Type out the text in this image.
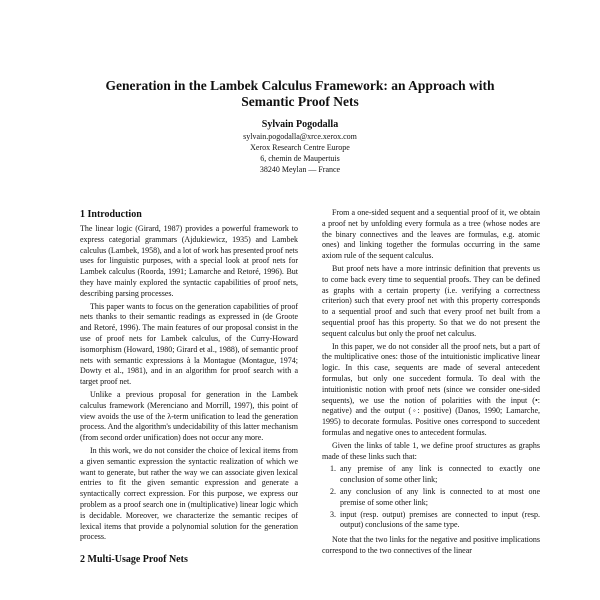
Generation in the Lambek Calculus Framework: an Approach with Semantic Proof Nets
Sylvain Pogodalla
sylvain.pogodalla@xrce.xerox.com
Xerox Research Centre Europe
6, chemin de Maupertuis
38240 Meylan — France
1 Introduction

The linear logic (Girard, 1987) provides a powerful framework to express categorial grammars (Ajdukiewicz, 1935) and Lambek calculus (Lambek, 1958), and a lot of work has presented proof nets uses for linguistic purposes, with a special look at proof nets for Lambek calculus (Roorda, 1991; Lamarche and Retoré, 1996). But they have mainly explored the syntactic capabilities of proof nets, describing parsing processes.

This paper wants to focus on the generation capabilities of proof nets thanks to their semantic readings as expressed in (de Groote and Retoré, 1996). The main features of our proposal consist in the use of proof nets for Lambek calculus, of the Curry-Howard isomorphism (Howard, 1980; Girard et al., 1988), of semantic proof nets with semantic expressions à la Montague (Montague, 1974; Dowty et al., 1981), and in an algorithm for proof search with a target proof net.

Unlike a previous proposal for generation in the Lambek calculus framework (Merenciano and Morrill, 1997), this point of view avoids the use of the λ-term unification to lead the generation process. And the algorithm's undecidability of this latter mechanism (from second order unification) does not occur any more.

In this work, we do not consider the choice of lexical items from a given semantic expression the syntactic realization of which we want to generate, but rather the way we can associate given lexical entries to fit the given semantic expression and generate a syntactically correct expression. For this purpose, we express our problem as a proof search one in (multiplicative) linear logic which is decidable. Moreover, we characterize the semantic recipes of lexical items that provide a polynomial solution for the generation process.

2 Multi-Usage Proof Nets

From a one-sided sequent and a sequential proof of it, we obtain a proof net by unfolding every formula as a tree (whose nodes are the binary connectives and the leaves are formulas, e.g. atomic ones) and linking together the formulas occurring in the same axiom rule of the sequent calculus.

But proof nets have a more intrinsic definition that prevents us to come back every time to sequential proofs. They can be defined as graphs with a certain property (i.e. verifying a correctness criterion) such that every proof net with this property corresponds to a sequential proof and such that every proof net built from a sequential proof has this property. So that we do not present the sequent calculus but only the proof net calculus.

In this paper, we do not consider all the proof nets, but a part of the multiplicative ones: those of the intuitionistic implicative linear logic. In this case, sequents are made of several antecedent formulas, but only one succedent formula. To deal with the intuitionistic notion with proof nets (since we consider one-sided sequents), we use the notion of polarities with the input (•: negative) and the output (◦: positive) (Danos, 1990; Lamarche, 1995) to decorate formulas. Positive ones correspond to succedent formulas and negative ones to antecedent formulas.

Given the links of table 1, we define proof structures as graphs made of these links such that:

1. any premise of any link is connected to exactly one conclusion of some other link;
2. any conclusion of any link is connected to at most one premise of some other link;
3. input (resp. output) premises are connected to input (resp. output) conclusions of the same type.

Note that the two links for the negative and positive implications correspond to the two connectives of the linear
